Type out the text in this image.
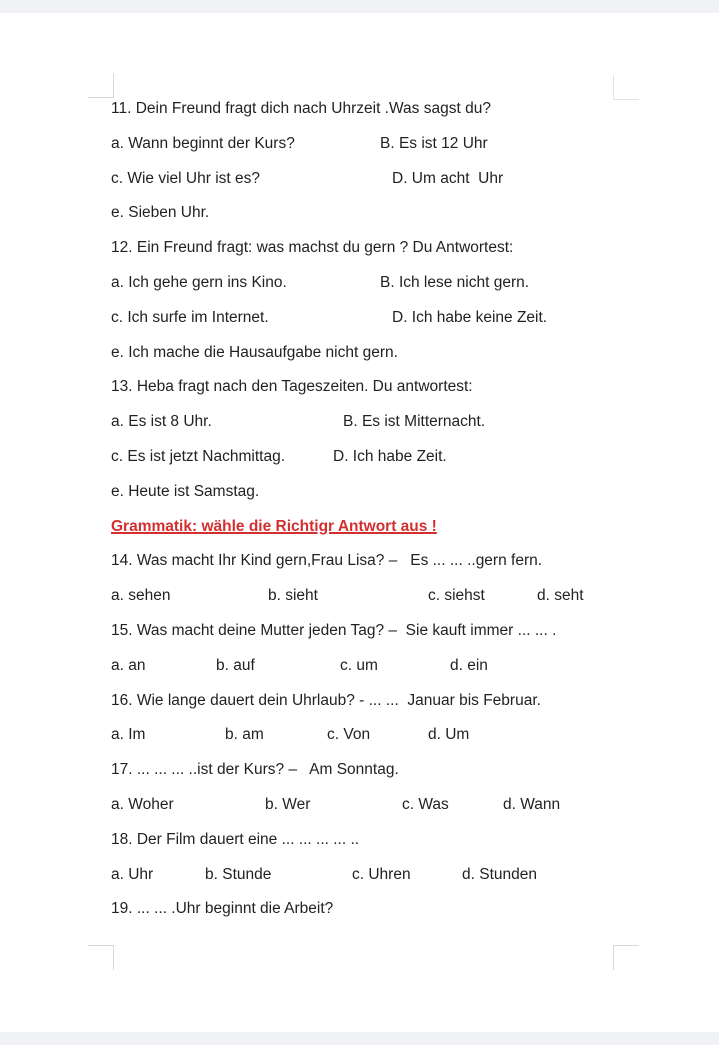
11. Dein Freund fragt dich nach Uhrzeit .Was sagst du?
a. Wann beginnt der Kurs?	B. Es ist 12 Uhr
c. Wie viel Uhr ist es?	D. Um acht  Uhr
e. Sieben Uhr.
12. Ein Freund fragt: was machst du gern ? Du Antwortest:
a. Ich gehe gern ins Kino.	B. Ich lese nicht gern.
c. Ich surfe im Internet.	D. Ich habe keine Zeit.
e. Ich mache die Hausaufgabe nicht gern.
13. Heba fragt nach den Tageszeiten. Du antwortest:
a. Es ist 8 Uhr.	B. Es ist Mitternacht.
c. Es ist jetzt Nachmittag.	D. Ich habe Zeit.
e. Heute ist Samstag.
Grammatik: wähle die Richtigr Antwort aus !
14. Was macht Ihr Kind gern,Frau Lisa? –   Es ... ... ..gern fern.
a. sehen	b. sieht	c. siehst	d. seht
15. Was macht deine Mutter jeden Tag? –  Sie kauft immer ... ... .
a. an	b. auf	c. um	d. ein
16. Wie lange dauert dein Uhrlaub? - ... ...  Januar bis Februar.
a. Im	b. am	c. Von	d. Um
17. ... ... ... ..ist der Kurs? –   Am Sonntag.
a. Woher	b. Wer	c. Was	d. Wann
18. Der Film dauert eine ... ... ... ... ..
a. Uhr	b. Stunde	c. Uhren	d. Stunden
19. ... ... .Uhr beginnt die Arbeit?
